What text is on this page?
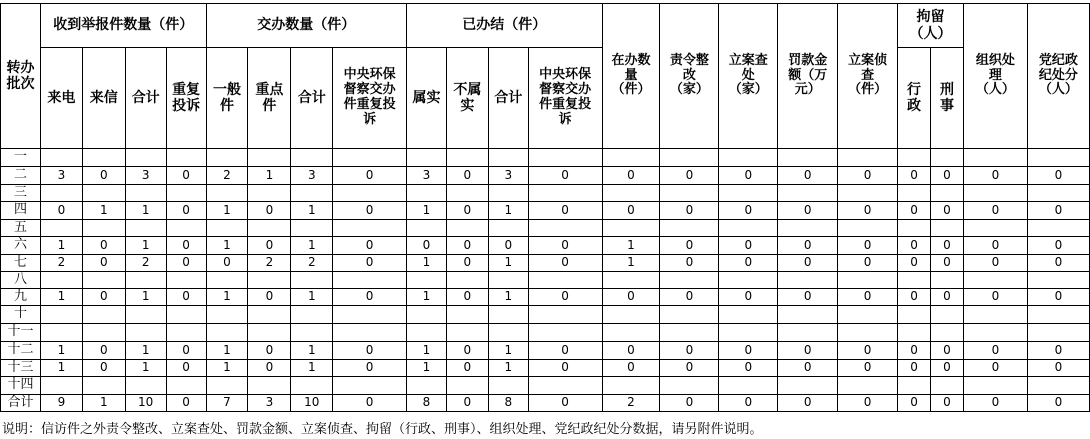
转办
批次	收到举报件数量（件）				交办数量（件）				已办结（件）				在办数
量
（件）	责令整
改
（家）	立案查
处
（家）	罚款金
额（万
元）	立案侦
查
（件）	拘留
（人）		组织处
理
（人）	党纪政
纪处分
（人）

	来电	来信	合计	重复
投诉	一般
件	重点
件	合计	中央环保
督察交办
件重复投
诉	属实	不属
实	合计	中央环保
督察交办
件重复投
诉						行
政	刑
事		

一																					
二	3	0	3	0	2	1	3	0	3	0	3	0	0	0	0	0	0	0	0	0	0
三																					
四	0	1	1	0	1	0	1	0	1	0	1	0	0	0	0	0	0	0	0	0	0
五																					
六	1	0	1	0	1	0	1	0	0	0	0	0	1	0	0	0	0	0	0	0	0
七	2	0	2	0	0	2	2	0	1	0	1	0	1	0	0	0	0	0	0	0	0
八																					
九	1	0	1	0	1	0	1	0	1	0	1	0	0	0	0	0	0	0	0	0	0
十																					
十一																					
十二	1	0	1	0	1	0	1	0	1	0	1	0	0	0	0	0	0	0	0	0	0
十三	1	0	1	0	1	0	1	0	1	0	1	0	0	0	0	0	0	0	0	0	0
十四																					
合计	9	1	10	0	7	3	10	0	8	0	8	0	2	0	0	0	0	0	0	0	0
说明：信访件之外责令整改、立案查处、罚款金额、立案侦查、拘留（行政、刑事）、组织处理、党纪政纪处分数据，请另附件说明。
